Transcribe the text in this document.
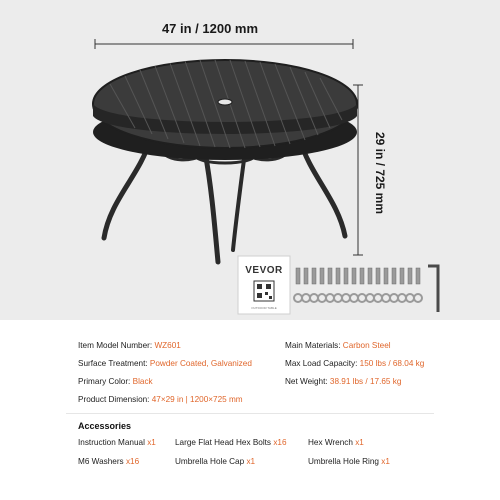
47 in / 1200 mm
29 in / 725 mm
VEVOR
OUTDOOR TABLE
Item Model Number: WZ601
Surface Treatment: Powder Coated, Galvanized
Primary Color: Black
Product Dimension: 47×29 in | 1200×725 mm
Main Materials: Carbon Steel
Max Load Capacity: 150 lbs / 68.04 kg
Net Weight: 38.91 lbs / 17.65 kg
Accessories
Instruction Manual x1 Large Flat Head Hex Bolts x16	Hex Wrench x1
M6 Washers x16	Umbrella Hole Cap x1	Umbrella Hole Ring x1
